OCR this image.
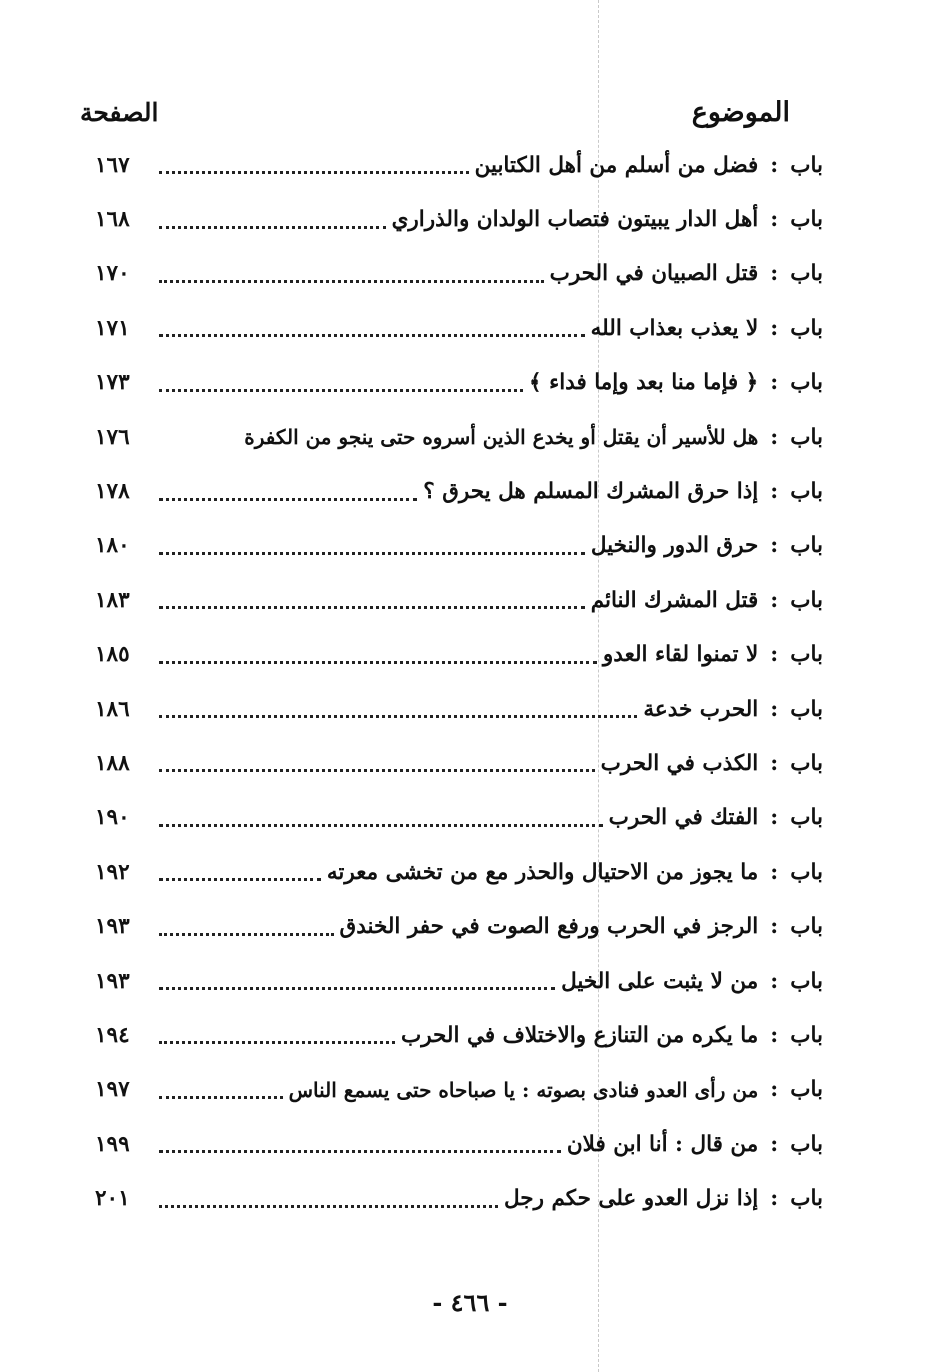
الموضوع
الصفحة
باب
:
فضل من أسلم من أهل الكتابين
١٦٧
باب
:
أهل الدار يبيتون فتصاب الولدان والذراري
١٦٨
باب
:
قتل الصبيان في الحرب
١٧٠
باب
:
لا يعذب بعذاب الله
١٧١
باب
:
﴿ فإما منا بعد وإما فداء ﴾
١٧٣
باب
:
هل للأسير أن يقتل أو يخدع الذين أسروه حتى ينجو من الكفرة
١٧٦
باب
:
إذا حرق المشرك المسلم هل يحرق ؟
١٧٨
باب
:
حرق الدور والنخيل
١٨٠
باب
:
قتل المشرك النائم
١٨٣
باب
:
لا تمنوا لقاء العدو
١٨٥
باب
:
الحرب خدعة
١٨٦
باب
:
الكذب في الحرب
١٨٨
باب
:
الفتك في الحرب
١٩٠
باب
:
ما يجوز من الاحتيال والحذر مع من تخشى معرته
١٩٢
باب
:
الرجز في الحرب ورفع الصوت في حفر الخندق
١٩٣
باب
:
من لا يثبت على الخيل
١٩٣
باب
:
ما يكره من التنازع والاختلاف في الحرب
١٩٤
باب
:
من رأى العدو فنادى بصوته : يا صباحاه حتى يسمع الناس
١٩٧
باب
:
من قال : أنا ابن فلان
١٩٩
باب
:
إذا نزل العدو على حكم رجل
٢٠١
- ٤٦٦ -
